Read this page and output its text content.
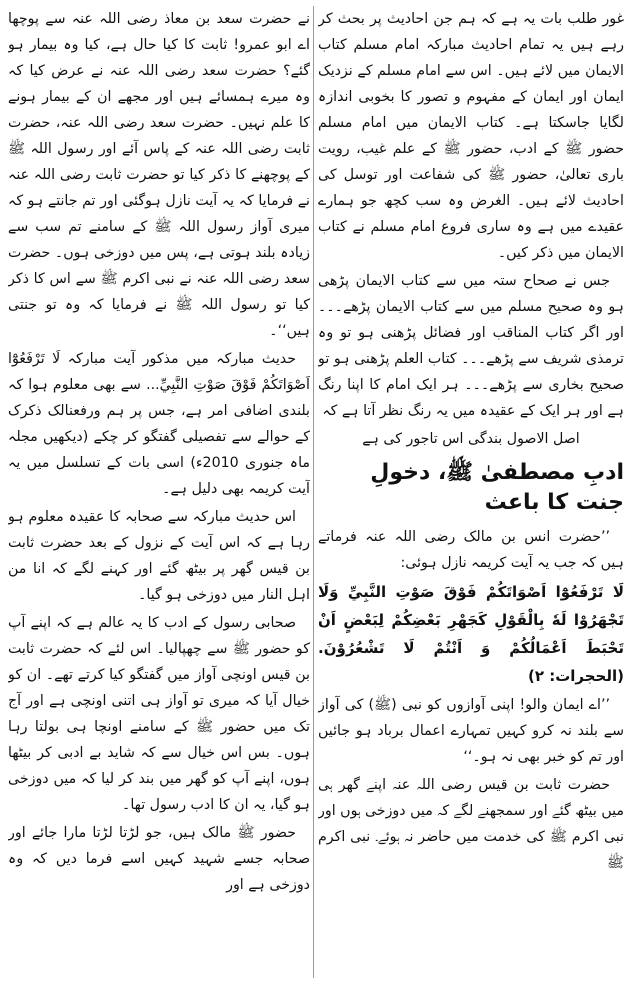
غور طلب بات یہ ہے کہ ہم جن احادیث پر بحث کر رہے ہیں یہ تمام احادیث مبارکہ امام مسلم کتاب الایمان میں لائے ہیں۔ اس سے امام مسلم کے نزدیک ایمان اور ایمان کے مفہوم و تصور کا بخوبی اندازہ لگایا جاسکتا ہے۔ کتاب الایمان میں امام مسلم حضور ﷺ کے ادب، حضور ﷺ کے علم غیب، رویت باری تعالیٰ، حضور ﷺ کی شفاعت اور توسل کی احادیث لائے ہیں۔ الغرض وہ سب کچھ جو ہمارے عقیدے میں ہے وہ ساری فروع امام مسلم نے کتاب الایمان میں ذکر کیں۔

جس نے صحاح ستہ میں سے کتاب الایمان پڑھی ہو وہ صحیح مسلم میں سے کتاب الایمان پڑھے۔۔۔ اور اگر کتاب المناقب اور فضائل پڑھنی ہو تو وہ ترمذی شریف سے پڑھے۔۔۔ کتاب العلم پڑھنی ہو تو صحیح بخاری سے پڑھے۔۔۔ ہر ایک امام کا اپنا رنگ ہے اور ہر ایک کے عقیدہ میں یہ رنگ نظر آتا ہے کہ

اصل الاصول بندگی اس تاجور کی ہے

ادبِ مصطفیٰ ﷺ، دخولِ جنت کا باعث

’’حضرت انس بن مالک رضی اللہ عنہ فرماتے ہیں کہ جب یہ آیت کریمہ نازل ہوئی:

لَا تَرْفَعُوْٓا اَصْوَاتَكُمْ فَوْقَ صَوْتِ النَّبِيِّ وَلَا تَجْهَرُوْا لَهٗ بِالْقَوْلِ كَجَهْرِ بَعْضِكُمْ لِبَعْضٍ اَنْ تَحْبَطَ اَعْمَالُكُمْ وَ اَنْتُمْ لَا تَشْعُرُوْنَ. (الحجرات: ٢)

’’اے ایمان والو! اپنی آوازوں کو نبی (ﷺ) کی آواز سے بلند نہ کرو کہیں تمہارے اعمال برباد ہو جائیں اور تم کو خبر بھی نہ ہو۔‘‘

حضرت ثابت بن قیس رضی اللہ عنہ اپنے گھر ہی میں بیٹھ گئے اور سمجھنے لگے کہ میں دوزخی ہوں اور نبی اکرم ﷺ کی خدمت میں حاضر نہ ہوئے۔ نبی اکرم ﷺ

نے حضرت سعد بن معاذ رضی اللہ عنہ سے پوچھا اے ابو عمرو! ثابت کا کیا حال ہے، کیا وہ بیمار ہو گئے؟ حضرت سعد رضی اللہ عنہ نے عرض کیا کہ وہ میرے ہمسائے ہیں اور مجھے ان کے بیمار ہونے کا علم نہیں۔ حضرت سعد رضی اللہ عنہ، حضرت ثابت رضی اللہ عنہ کے پاس آئے اور رسول اللہ ﷺ کے پوچھنے کا ذکر کیا تو حضرت ثابت رضی اللہ عنہ نے فرمایا کہ یہ آیت نازل ہوگئی اور تم جانتے ہو کہ میری آواز رسول اللہ ﷺ کے سامنے تم سب سے زیادہ بلند ہوتی ہے، پس میں دوزخی ہوں۔ حضرت سعد رضی اللہ عنہ نے نبی اکرم ﷺ سے اس کا ذکر کیا تو رسول اللہ ﷺ نے فرمایا کہ وہ تو جنتی ہیں‘‘۔

حدیث مبارکہ میں مذکور آیت مبارکہ لَا تَرْفَعُوْٓا اَصْوَاتَكُمْ فَوْقَ صَوْتِ النَّبِيِّ... سے بھی معلوم ہوا کہ بلندی اضافی امر ہے، جس پر ہم ورفعنالک ذکرک کے حوالے سے تفصیلی گفتگو کر چکے (دیکھیں مجلہ ماہ جنوری 2010ء) اسی بات کے تسلسل میں یہ آیت کریمہ بھی دلیل ہے۔

اس حدیث مبارکہ سے صحابہ کا عقیدہ معلوم ہو رہا ہے کہ اس آیت کے نزول کے بعد حضرت ثابت بن قیس گھر پر بیٹھ گئے اور کہنے لگے کہ انا من اہل النار میں دوزخی ہو گیا۔

صحابی رسول کے ادب کا یہ عالم ہے کہ اپنے آپ کو حضور ﷺ سے چھپالیا۔ اس لئے کہ حضرت ثابت بن قیس اونچی آواز میں گفتگو کیا کرتے تھے۔ ان کو خیال آیا کہ میری تو آواز ہی اتنی اونچی ہے اور آج تک میں حضور ﷺ کے سامنے اونچا ہی بولتا رہا ہوں۔ بس اس خیال سے کہ شاید بے ادبی کر بیٹھا ہوں، اپنے آپ کو گھر میں بند کر لیا کہ میں دوزخی ہو گیا، یہ ان کا ادب رسول تھا۔

حضور ﷺ مالک ہیں، جو لڑتا لڑتا مارا جائے اور صحابہ جسے شہید کہیں اسے فرما دیں کہ وہ دوزخی ہے اور
